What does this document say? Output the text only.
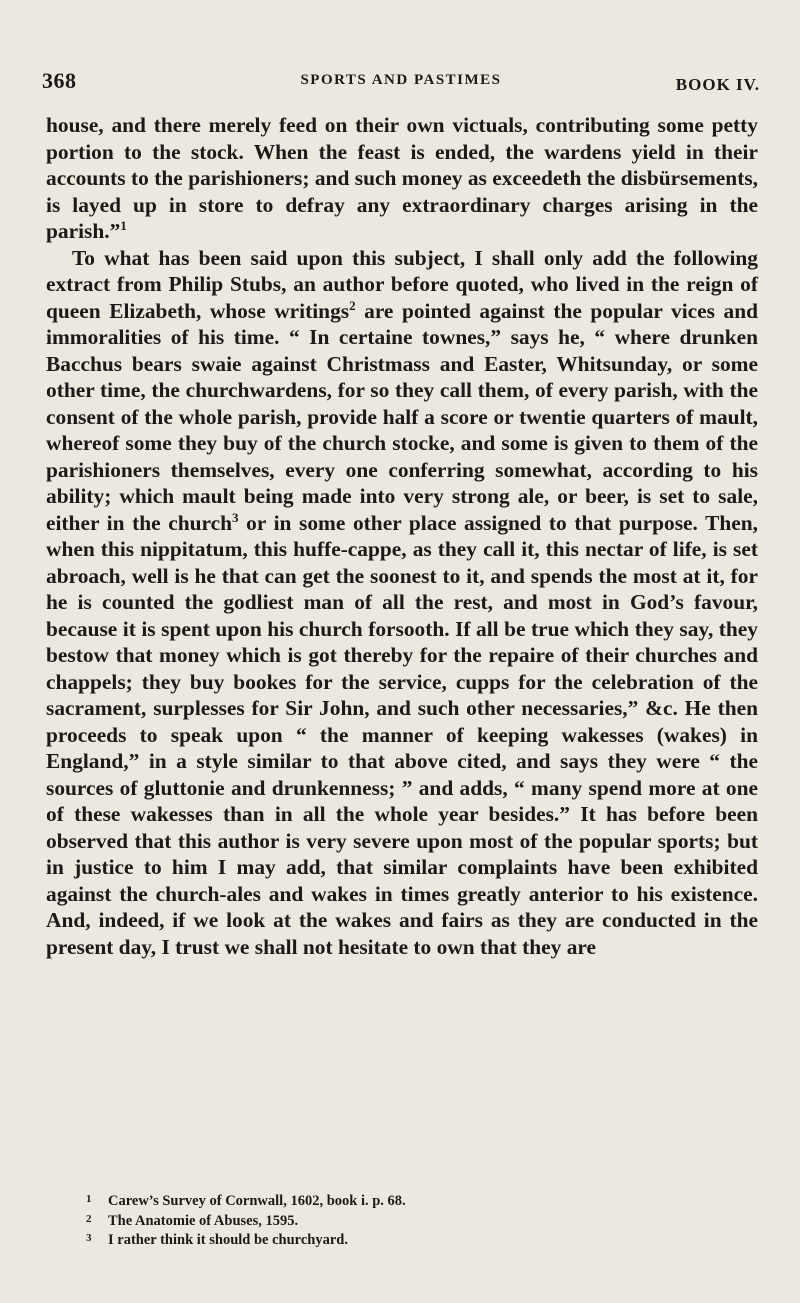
368	SPORTS AND PASTIMES	BOOK IV.

house, and there merely feed on their own victuals, contributing some petty portion to the stock. When the feast is ended, the wardens yield in their accounts to the parishioners; and such money as exceedeth the disbürsements, is layed up in store to defray any extraordinary charges arising in the parish.”$^1$

To what has been said upon this subject, I shall only add the following extract from Philip Stubs, an author before quoted, who lived in the reign of queen Elizabeth, whose writings$^2$ are pointed against the popular vices and immoralities of his time. “ In certaine townes,” says he, “ where drunken Bacchus bears swaie against Christmass and Easter, Whitsunday, or some other time, the churchwardens, for so they call them, of every parish, with the consent of the whole parish, provide half a score or twentie quarters of mault, whereof some they buy of the church stocke, and some is given to them of the parishioners themselves, every one conferring somewhat, according to his ability; which mault being made into very strong ale, or beer, is set to sale, either in the church$^3$ or in some other place assigned to that purpose. Then, when this nippitatum, this huffe-cappe, as they call it, this nectar of life, is set abroach, well is he that can get the soonest to it, and spends the most at it, for he is counted the godliest man of all the rest, and most in God’s favour, because it is spent upon his church forsooth. If all be true which they say, they bestow that money which is got thereby for the repaire of their churches and chappels; they buy bookes for the service, cupps for the celebration of the sacrament, surplesses for Sir John, and such other necessaries,” &c. He then proceeds to speak upon “ the manner of keeping wakesses (wakes) in England,” in a style similar to that above cited, and says they were “ the sources of gluttonie and drunkenness; ” and adds, “ many spend more at one of these wakesses than in all the whole year besides.” It has before been observed that this author is very severe upon most of the popular sports; but in justice to him I may add, that similar complaints have been exhibited against the church-ales and wakes in times greatly anterior to his existence. And, indeed, if we look at the wakes and fairs as they are conducted in the present day, I trust we shall not hesitate to own that they are

1 Carew’s Survey of Cornwall, 1602, book i. p. 68.

2 The Anatomie of Abuses, 1595.

3 I rather think it should be churchyard.
